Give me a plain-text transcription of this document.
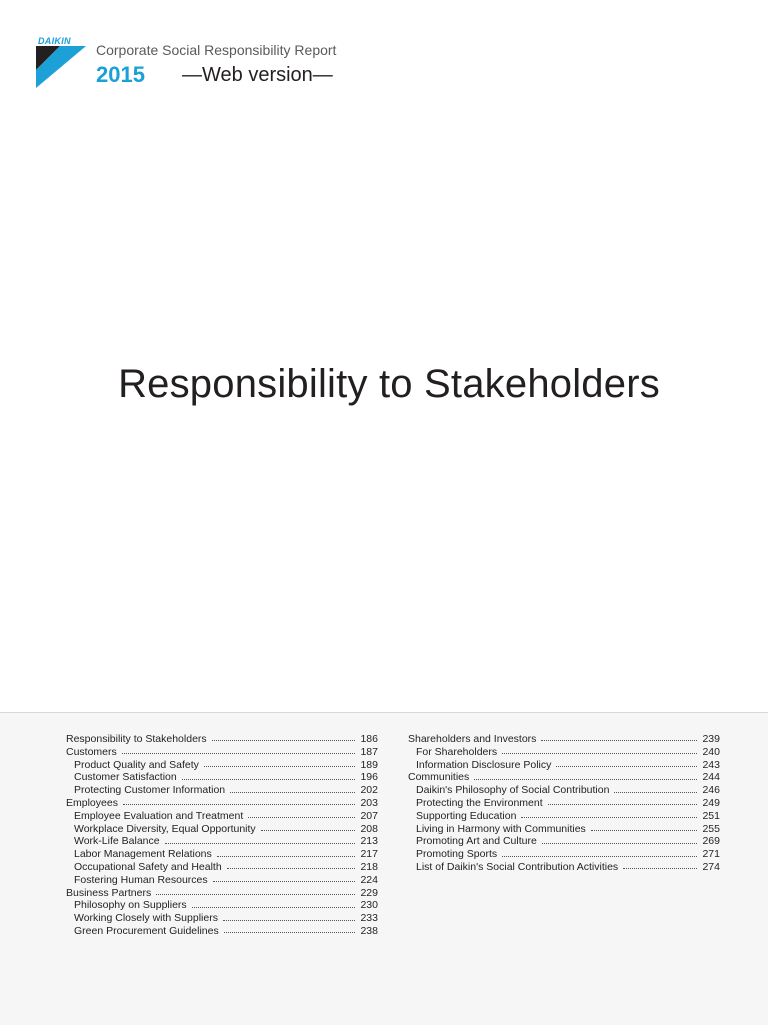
DAIKIN
Corporate Social Responsibility Report
2015 —Web version—
Responsibility to Stakeholders
Responsibility to Stakeholders	186
Customers	187
Product Quality and Safety	189
Customer Satisfaction	196
Protecting Customer Information	202
Employees	203
Employee Evaluation and Treatment	207
Workplace Diversity, Equal Opportunity	208
Work-Life Balance	213
Labor Management Relations	217
Occupational Safety and Health	218
Fostering Human Resources	224
Business Partners	229
Philosophy on Suppliers	230
Working Closely with Suppliers	233
Green Procurement Guidelines	238
Shareholders and Investors	239
For Shareholders	240
Information Disclosure Policy	243
Communities	244
Daikin's Philosophy of Social Contribution	246
Protecting the Environment	249
Supporting Education	251
Living in Harmony with Communities	255
Promoting Art and Culture	269
Promoting Sports	271
List of Daikin's Social Contribution Activities	274
